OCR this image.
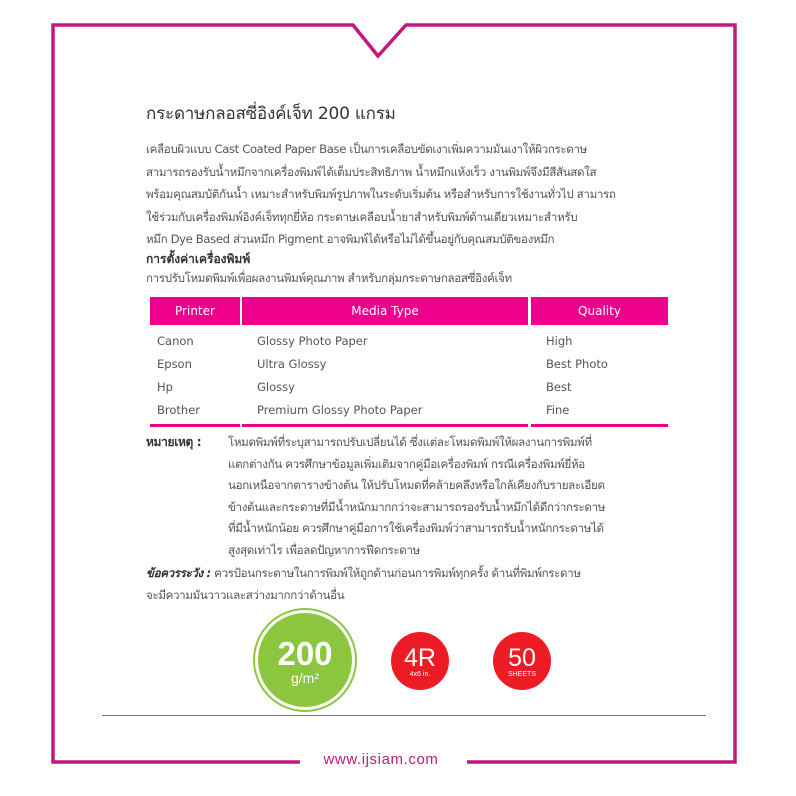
กระดาษกลอสซี่อิงค์เจ็ท 200 แกรม
เคลือบผิวแบบ Cast Coated Paper Base เป็นการเคลือบขัดเงาเพิ่มความมันเงาให้ผิวกระดาษ
สามารถรองรับน้ำหมึกจากเครื่องพิมพ์ได้เต็มประสิทธิภาพ น้ำหมึกแห้งเร็ว งานพิมพ์จึงมีสีสันสดใส
พร้อมคุณสมบัติกันน้ำ เหมาะสำหรับพิมพ์รูปภาพในระดับเริ่มต้น หรือสำหรับการใช้งานทั่วไป สามารถ
ใช้ร่วมกับเครื่องพิมพ์อิงค์เจ็ททุกยี่ห้อ กระดาษเคลือบน้ำยาสำหรับพิมพ์ด้านเดียวเหมาะสำหรับ
หมึก Dye Based ส่วนหมึก Pigment อาจพิมพ์ได้หรือไม่ได้ขึ้นอยู่กับคุณสมบัติของหมึก
การตั้งค่าเครื่องพิมพ์
การปรับโหมดพิมพ์เพื่อผลงานพิมพ์คุณภาพ สำหรับกลุ่มกระดาษกลอสซี่อิงค์เจ็ท
Printer	Media Type	Quality
Canon	Glossy Photo Paper	High
Epson	Ultra Glossy	Best Photo
Hp	Glossy	Best
Brother	Premium Glossy Photo Paper	Fine
หมายเหตุ : โหมดพิมพ์ที่ระบุสามารถปรับเปลี่ยนได้ ซึ่งแต่ละโหมดพิมพ์ให้ผลงานการพิมพ์ที่
แตกต่างกัน ควรศึกษาข้อมูลเพิ่มเติมจากคู่มือเครื่องพิมพ์ กรณีเครื่องพิมพ์ยี่ห้อ
นอกเหนือจากตารางข้างต้น ให้ปรับโหมดที่คล้ายคลึงหรือใกล้เคียงกับรายละเอียด
ข้างต้นและกระดาษที่มีน้ำหนักมากกว่าจะสามารถรองรับน้ำหมึกได้ดีกว่ากระดาษ
ที่มีน้ำหนักน้อย ควรศึกษาคู่มือการใช้เครื่องพิมพ์ว่าสามารถรับน้ำหนักกระดาษได้
สูงสุดเท่าไร เพื่อลดปัญหาการฟีดกระดาษ
ข้อควรระวัง : ควรป้อนกระดาษในการพิมพ์ให้ถูกด้านก่อนการพิมพ์ทุกครั้ง ด้านที่พิมพ์กระดาษ
จะมีความมันวาวและสว่างมากกว่าด้านอื่น
200
g/m²
4R
4x6 in.
50
SHEETS
www.ijsiam.com
